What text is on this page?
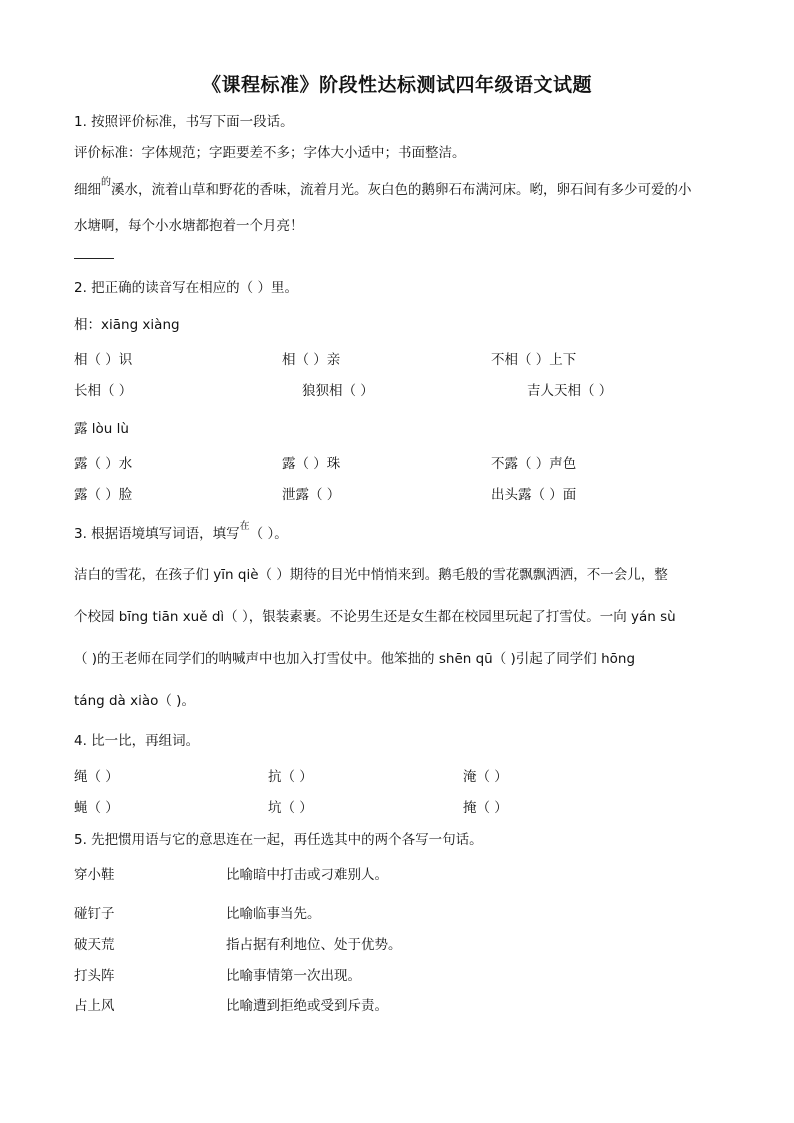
《课程标准》阶段性达标测试四年级语文试题
1. 按照评价标准，书写下面一段话。
评价标准：字体规范；字距要差不多；字体大小适中；书面整洁。
细细$^的$溪水，流着山草和野花的香味，流着月光。灰白色的鹅卵石布满河床。哟，卵石间有多少可爱的小
水塘啊，每个小水塘都抱着一个月亮！
2. 把正确的读音写在相应的（ ）里。
相：xiāng xiàng
相（ ）识	相（ ）亲	不相（ ）上下
长相（ ）	狼狈相（ ）	吉人天相（ ）
露 lòu lù
露（ ）水	露（ ）珠	不露（ ）声色
露（ ）脸	泄露（ ）	出头露（ ）面
3. 根据语境填写词语，填写$^在$（ ）。
洁白的雪花，在孩子们 yīn qiè（ ）期待的目光中悄悄来到。鹅毛般的雪花飘飘洒洒，不一会儿，整
个校园 bīng tiān xuě dì（ ），银装素裹。不论男生还是女生都在校园里玩起了打雪仗。一向 yán sù
（ )的王老师在同学们的呐喊声中也加入打雪仗中。他笨拙的 shēn qū（ )引起了同学们 hōng
táng dà xiào（ )。
4. 比一比，再组词。
绳（ ）	抗（ ）	淹（ ）
蝇（ ）	坑（ ）	掩（ ）
5. 先把惯用语与它的意思连在一起，再任选其中的两个各写一句话。
穿小鞋	比喻暗中打击或刁难别人。
碰钉子	比喻临事当先。
破天荒	指占据有利地位、处于优势。
打头阵	比喻事情第一次出现。
占上风	比喻遭到拒绝或受到斥责。
